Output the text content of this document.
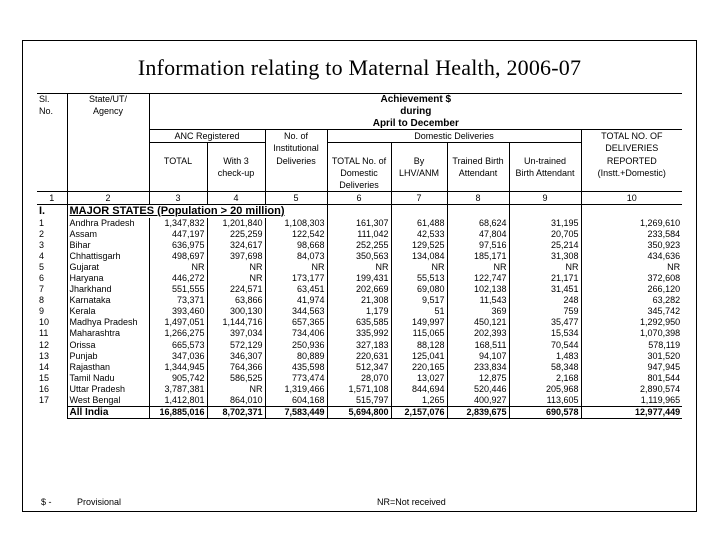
Information relating to Maternal Health, 2006-07
Sl.	State/UT/	Achievement $							
No.	Agency	during							
		April to December							
		ANC Registered		No. of	Domestic Deliveries				TOTAL NO. OF
				Institutional					DELIVERIES
		TOTAL	With 3	Deliveries	TOTAL No. of	By	Trained Birth	Un-trained	REPORTED
			check-up		Domestic	LHV/ANM	Attendant	Birth Attendant	(Instt.+Domestic)
					Deliveries				
1	2	3	4	5	6	7	8	9	10
I.	MAJOR STATES (Population > 20 million)								
1	Andhra Pradesh	1,347,832	1,201,840	1,108,303	161,307	61,488	68,624	31,195	1,269,610
2	Assam	447,197	225,259	122,542	111,042	42,533	47,804	20,705	233,584
3	Bihar	636,975	324,617	98,668	252,255	129,525	97,516	25,214	350,923
4	Chhattisgarh	498,697	397,698	84,073	350,563	134,084	185,171	31,308	434,636
5	Gujarat	NR	NR	NR	NR	NR	NR	NR	NR
6	Haryana	446,272	NR	173,177	199,431	55,513	122,747	21,171	372,608
7	Jharkhand	551,555	224,571	63,451	202,669	69,080	102,138	31,451	266,120
8	Karnataka	73,371	63,866	41,974	21,308	9,517	11,543	248	63,282
9	Kerala	393,460	300,130	344,563	1,179	51	369	759	345,742
10	Madhya Pradesh	1,497,051	1,144,716	657,365	635,585	149,997	450,121	35,477	1,292,950
11	Maharashtra	1,266,275	397,034	734,406	335,992	115,065	202,393	15,534	1,070,398
12	Orissa	665,573	572,129	250,936	327,183	88,128	168,511	70,544	578,119
13	Punjab	347,036	346,307	80,889	220,631	125,041	94,107	1,483	301,520
14	Rajasthan	1,344,945	764,366	435,598	512,347	220,165	233,834	58,348	947,945
15	Tamil Nadu	905,742	586,525	773,474	28,070	13,027	12,875	2,168	801,544
16	Uttar Pradesh	3,787,381	NR	1,319,466	1,571,108	844,694	520,446	205,968	2,890,574
17	West Bengal	1,412,801	864,010	604,168	515,797	1,265	400,927	113,605	1,119,965
	All India	16,885,016	8,702,371	7,583,449	5,694,800	2,157,076	2,839,675	690,578	12,977,449
$ -	Provisional	NR=Not received
